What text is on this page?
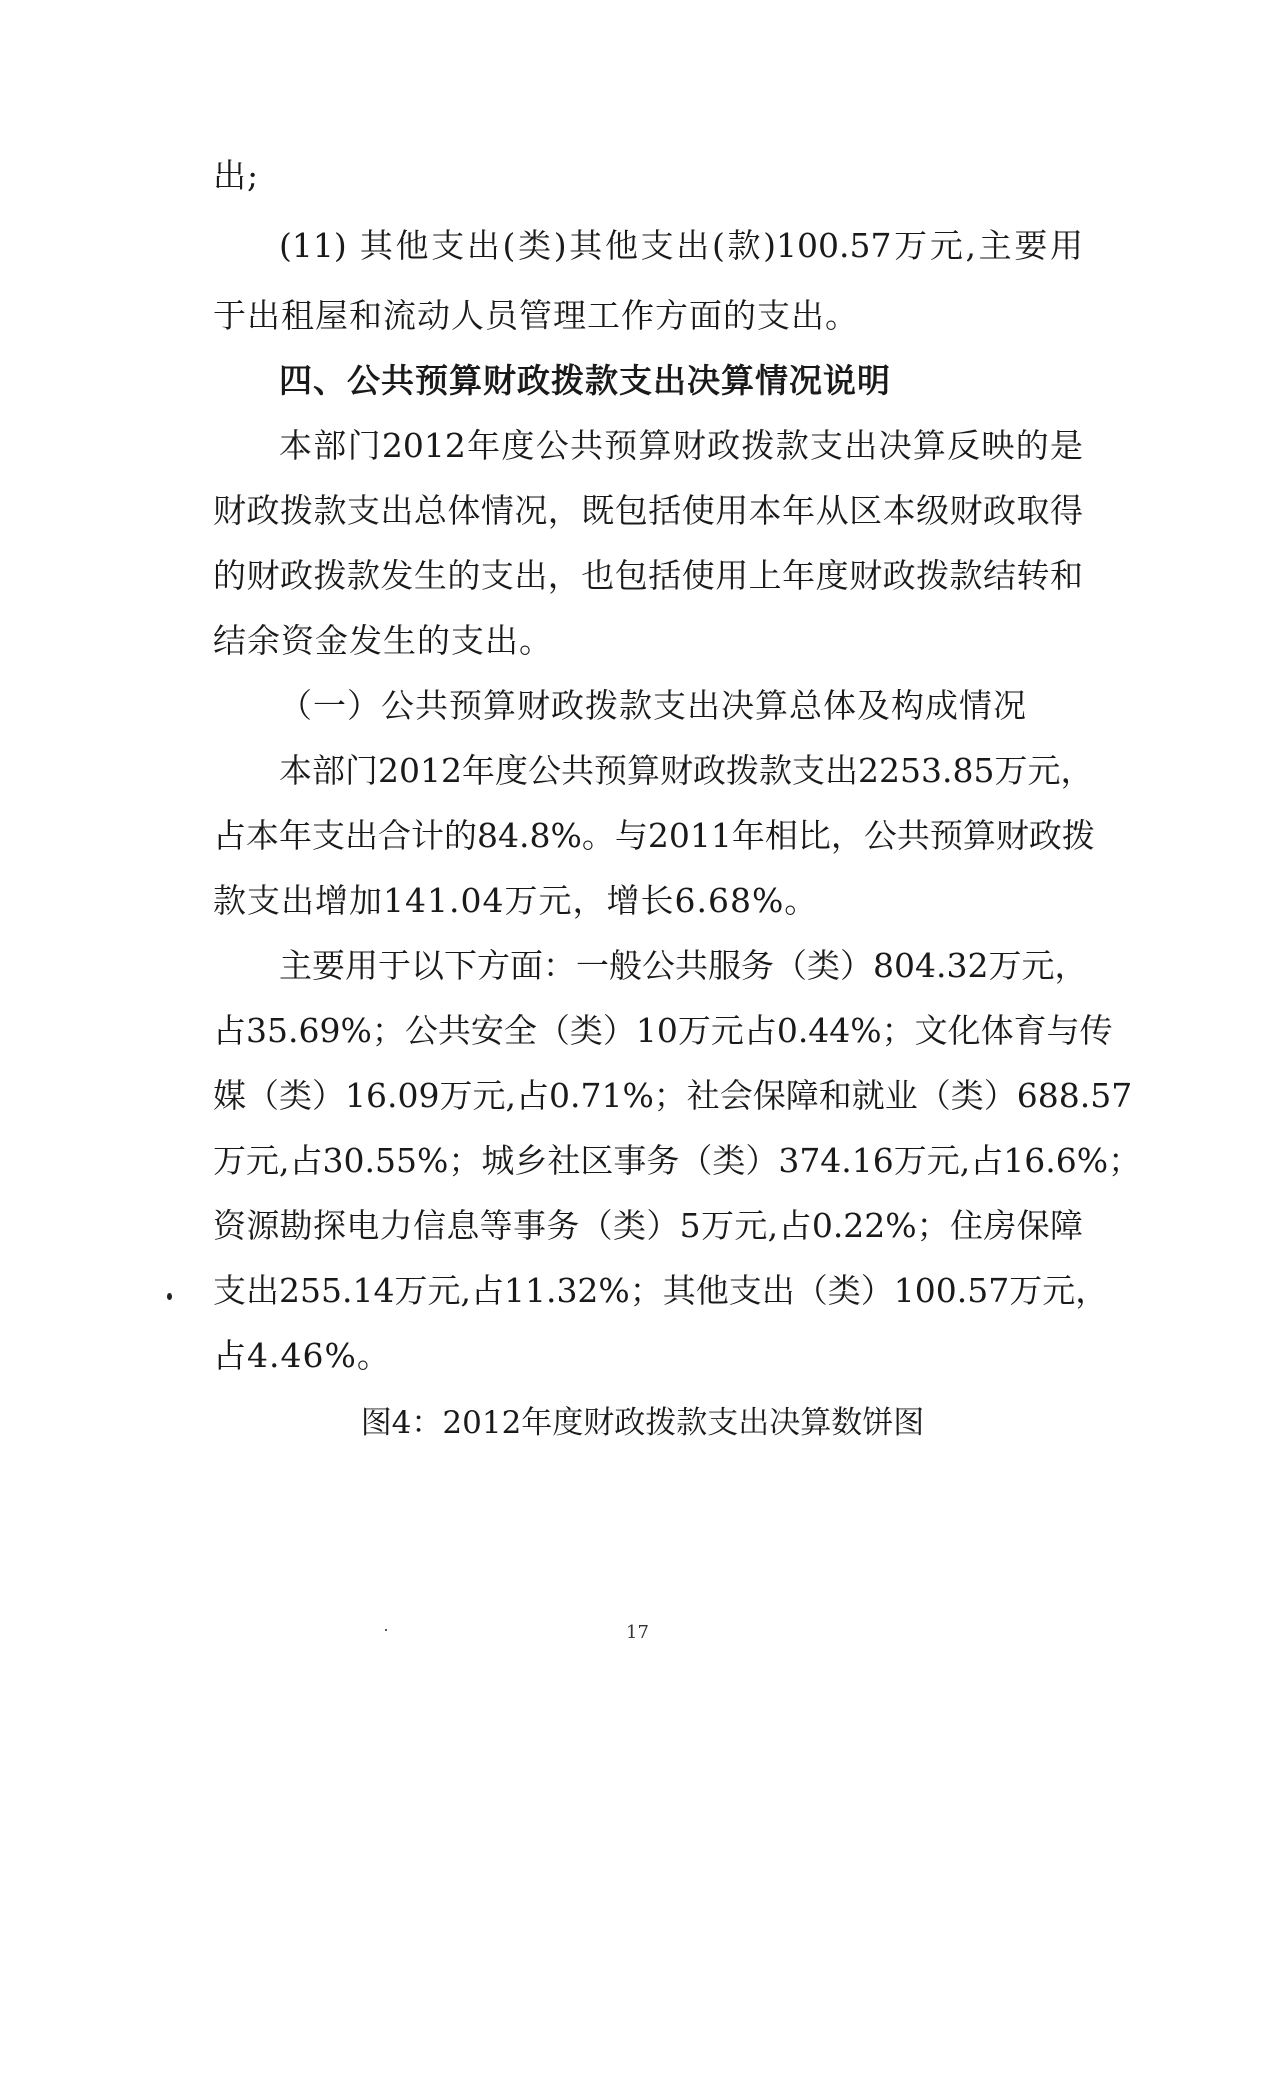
出;
(11) 其他支出(类)其他支出(款)100.57万元,主要用
于出租屋和流动人员管理工作方面的支出。
四、公共预算财政拨款支出决算情况说明
本部门2012年度公共预算财政拨款支出决算反映的是
财政拨款支出总体情况，既包括使用本年从区本级财政取得
的财政拨款发生的支出，也包括使用上年度财政拨款结转和
结余资金发生的支出。
（一）公共预算财政拨款支出决算总体及构成情况
本部门2012年度公共预算财政拨款支出2253.85万元，
占本年支出合计的84.8%。与2011年相比，公共预算财政拨
款支出增加141.04万元，增长6.68%。
主要用于以下方面：一般公共服务（类）804.32万元，
占35.69%；公共安全（类）10万元占0.44%；文化体育与传
媒（类）16.09万元,占0.71%；社会保障和就业（类）688.57
万元,占30.55%；城乡社区事务（类）374.16万元,占16.6%；
资源勘探电力信息等事务（类）5万元,占0.22%；住房保障
支出255.14万元,占11.32%；其他支出（类）100.57万元，
占4.46%。
图4：2012年度财政拨款支出决算数饼图
17
